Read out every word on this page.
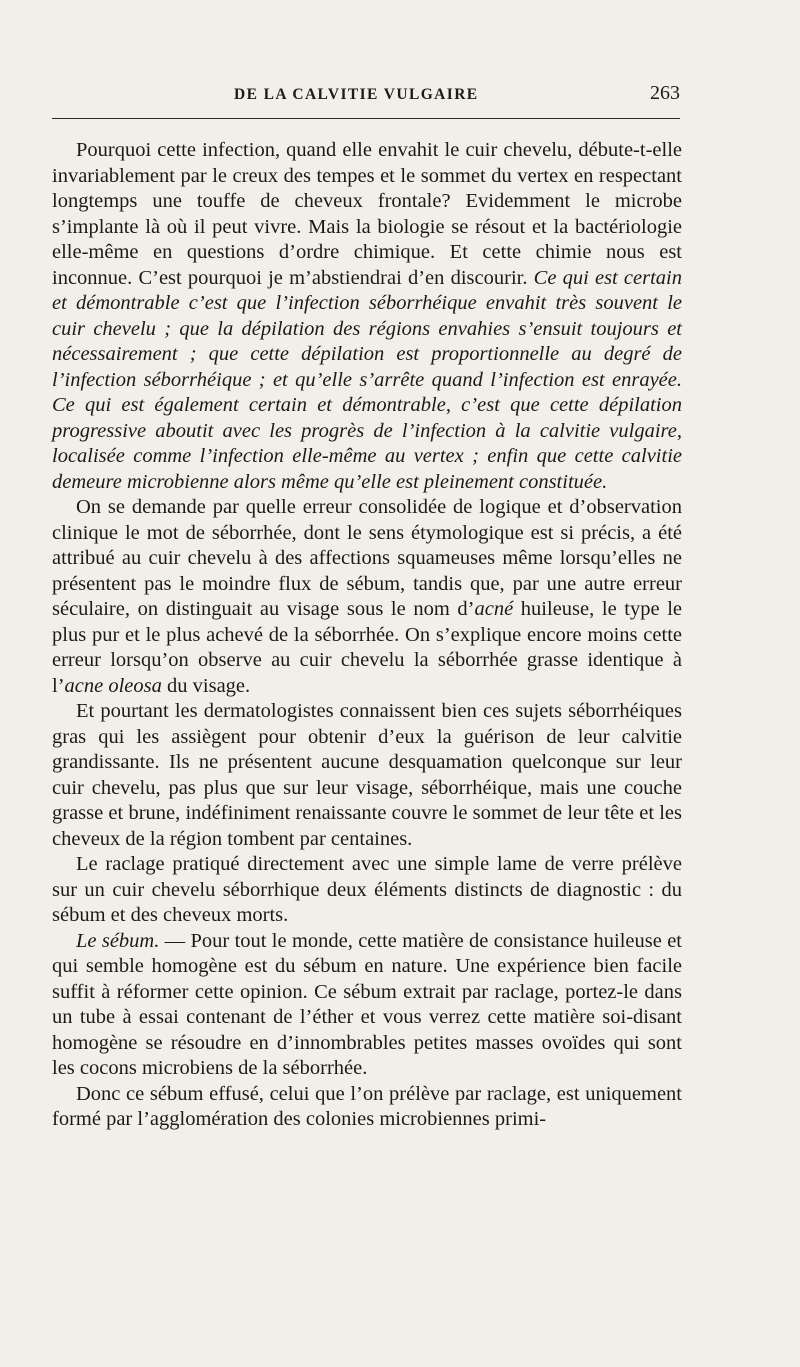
DE LA CALVITIE VULGAIRE	263

Pourquoi cette infection, quand elle envahit le cuir chevelu, débute-t-elle invariablement par le creux des tempes et le sommet du vertex en respectant longtemps une touffe de cheveux frontale? Evidemment le microbe s’implante là où il peut vivre. Mais la biologie se résout et la bactériologie elle-même en questions d’ordre chimique. Et cette chimie nous est inconnue. C’est pourquoi je m’abstiendrai d’en discourir. Ce qui est certain et démontrable c’est que l’infection séborrhéique envahit très souvent le cuir chevelu ; que la dépilation des régions envahies s’ensuit toujours et nécessairement ; que cette dépilation est proportionnelle au degré de l’infection séborrhéique ; et qu’elle s’arrête quand l’infection est enrayée. Ce qui est également certain et démontrable, c’est que cette dépilation progressive aboutit avec les progrès de l’infection à la calvitie vulgaire, localisée comme l’infection elle-même au vertex ; enfin que cette calvitie demeure microbienne alors même qu’elle est pleinement constituée.

On se demande par quelle erreur consolidée de logique et d’observation clinique le mot de séborrhée, dont le sens étymologique est si précis, a été attribué au cuir chevelu à des affections squameuses même lorsqu’elles ne présentent pas le moindre flux de sébum, tandis que, par une autre erreur séculaire, on distinguait au visage sous le nom d’acné huileuse, le type le plus pur et le plus achevé de la séborrhée. On s’explique encore moins cette erreur lorsqu’on observe au cuir chevelu la séborrhée grasse identique à l’acne oleosa du visage.

Et pourtant les dermatologistes connaissent bien ces sujets séborrhéiques gras qui les assiègent pour obtenir d’eux la guérison de leur calvitie grandissante. Ils ne présentent aucune desquamation quelconque sur leur cuir chevelu, pas plus que sur leur visage, séborrhéique, mais une couche grasse et brune, indéfiniment renaissante couvre le sommet de leur tête et les cheveux de la région tombent par centaines.

Le raclage pratiqué directement avec une simple lame de verre prélève sur un cuir chevelu séborrhique deux éléments distincts de diagnostic : du sébum et des cheveux morts.

Le sébum. — Pour tout le monde, cette matière de consistance huileuse et qui semble homogène est du sébum en nature. Une expérience bien facile suffit à réformer cette opinion. Ce sébum extrait par raclage, portez-le dans un tube à essai contenant de l’éther et vous verrez cette matière soi-disant homogène se résoudre en d’innombrables petites masses ovoïdes qui sont les cocons microbiens de la séborrhée.

Donc ce sébum effusé, celui que l’on prélève par raclage, est uniquement formé par l’agglomération des colonies microbiennes primi-
